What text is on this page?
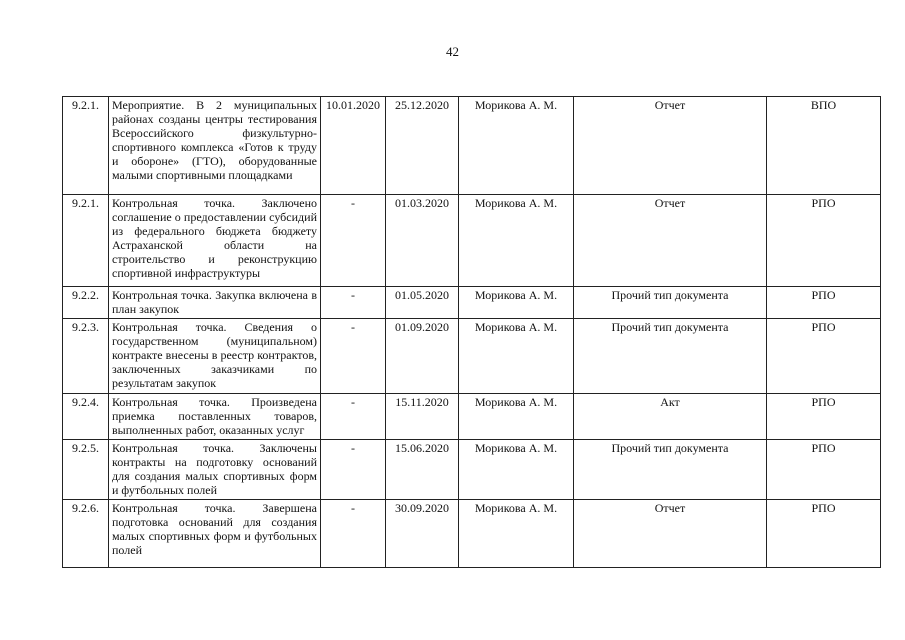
42
9.2.1.	Мероприятие. В 2 муниципальных районах созданы центры тестирования Всероссийского физкультурно-спортивного комплекса «Готов к труду и обороне» (ГТО), оборудованные малыми спортивными площадками	10.01.2020	25.12.2020	Морикова А. М.	Отчет	ВПО
9.2.1.	Контрольная точка. Заключено соглашение о предоставлении субсидий из федерального бюджета бюджету Астраханской области на строительство и реконструкцию спортивной инфраструктуры	-	01.03.2020	Морикова А. М.	Отчет	РПО
9.2.2.	Контрольная точка. Закупка включена в план закупок	-	01.05.2020	Морикова А. М.	Прочий тип документа	РПО
9.2.3.	Контрольная точка. Сведения о государственном (муниципальном) контракте внесены в реестр контрактов, заключенных заказчиками по результатам закупок	-	01.09.2020	Морикова А. М.	Прочий тип документа	РПО
9.2.4.	Контрольная точка. Произведена приемка поставленных товаров, выполненных работ, оказанных услуг	-	15.11.2020	Морикова А. М.	Акт	РПО
9.2.5.	Контрольная точка. Заключены контракты на подготовку оснований для создания малых спортивных форм и футбольных полей	-	15.06.2020	Морикова А. М.	Прочий тип документа	РПО
9.2.6.	Контрольная точка. Завершена подготовка оснований для создания малых спортивных форм и футбольных полей	-	30.09.2020	Морикова А. М.	Отчет	РПО
